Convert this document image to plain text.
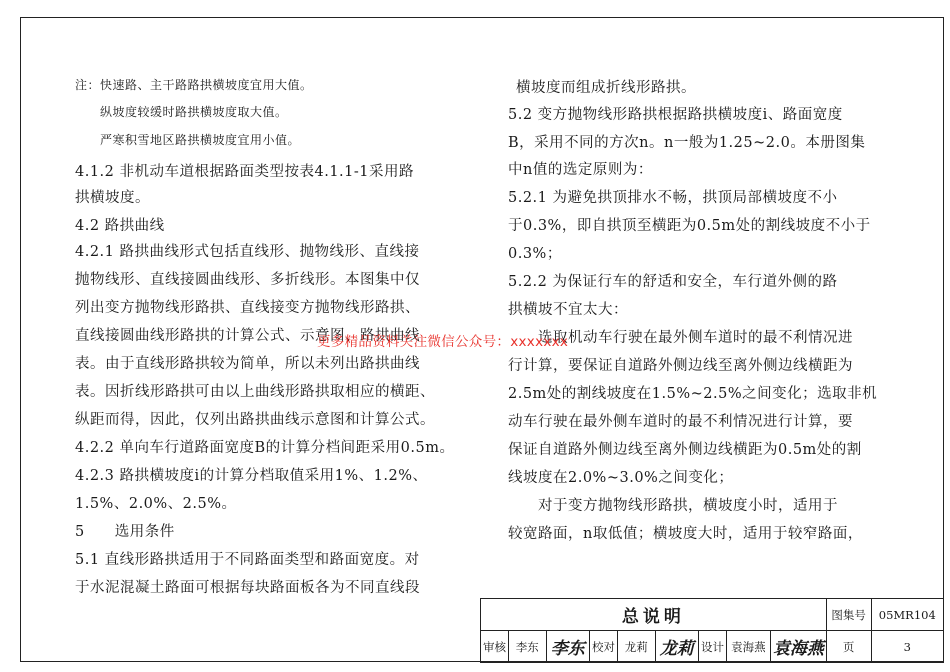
注：快速路、主干路路拱横坡度宜用大值。

纵坡度较缓时路拱横坡度取大值。

严寒积雪地区路拱横坡度宜用小值。

4.1.2 非机动车道根据路面类型按表4.1.1-1采用路

拱横坡度。

4.2 路拱曲线

4.2.1 路拱曲线形式包括直线形、抛物线形、直线接

抛物线形、直线接圆曲线形、多折线形。本图集中仅

列出变方抛物线形路拱、直线接变方抛物线形路拱、

直线接圆曲线形路拱的计算公式、示意图、路拱曲线

表。由于直线形路拱较为简单，所以未列出路拱曲线

表。因折线形路拱可由以上曲线形路拱取相应的横距、

纵距而得，因此，仅列出路拱曲线示意图和计算公式。

4.2.2 单向车行道路面宽度B的计算分档间距采用0.5m。

4.2.3 路拱横坡度i的计算分档取值采用1%、1.2%、

1.5%、2.0%、2.5%。

5　　选用条件

5.1 直线形路拱适用于不同路面类型和路面宽度。对

于水泥混凝土路面可根据每块路面板各为不同直线段

横坡度而组成折线形路拱。

5.2 变方抛物线形路拱根据路拱横坡度i、路面宽度

B，采用不同的方次n。n一般为1.25~2.0。本册图集

中n值的选定原则为：

5.2.1 为避免拱顶排水不畅，拱顶局部横坡度不小

于0.3%，即自拱顶至横距为0.5m处的割线坡度不小于

0.3%；

5.2.2 为保证行车的舒适和安全，车行道外侧的路

拱横坡不宜太大：

　　选取机动车行驶在最外侧车道时的最不利情况进

行计算，要保证自道路外侧边线至离外侧边线横距为

2.5m处的割线坡度在1.5%~2.5%之间变化；选取非机

动车行驶在最外侧车道时的最不利情况进行计算，要

保证自道路外侧边线至离外侧边线横距为0.5m处的割

线坡度在2.0%~3.0%之间变化；

　　对于变方抛物线形路拱，横坡度小时，适用于

较宽路面，n取低值；横坡度大时，适用于较窄路面，

更多精品资料关注微信公众号：xxxxxxx
总说明									图集号	05MR104
审核	李东	李东	校对	龙莉	龙莉	设计	袁海燕	袁海燕	页	3
